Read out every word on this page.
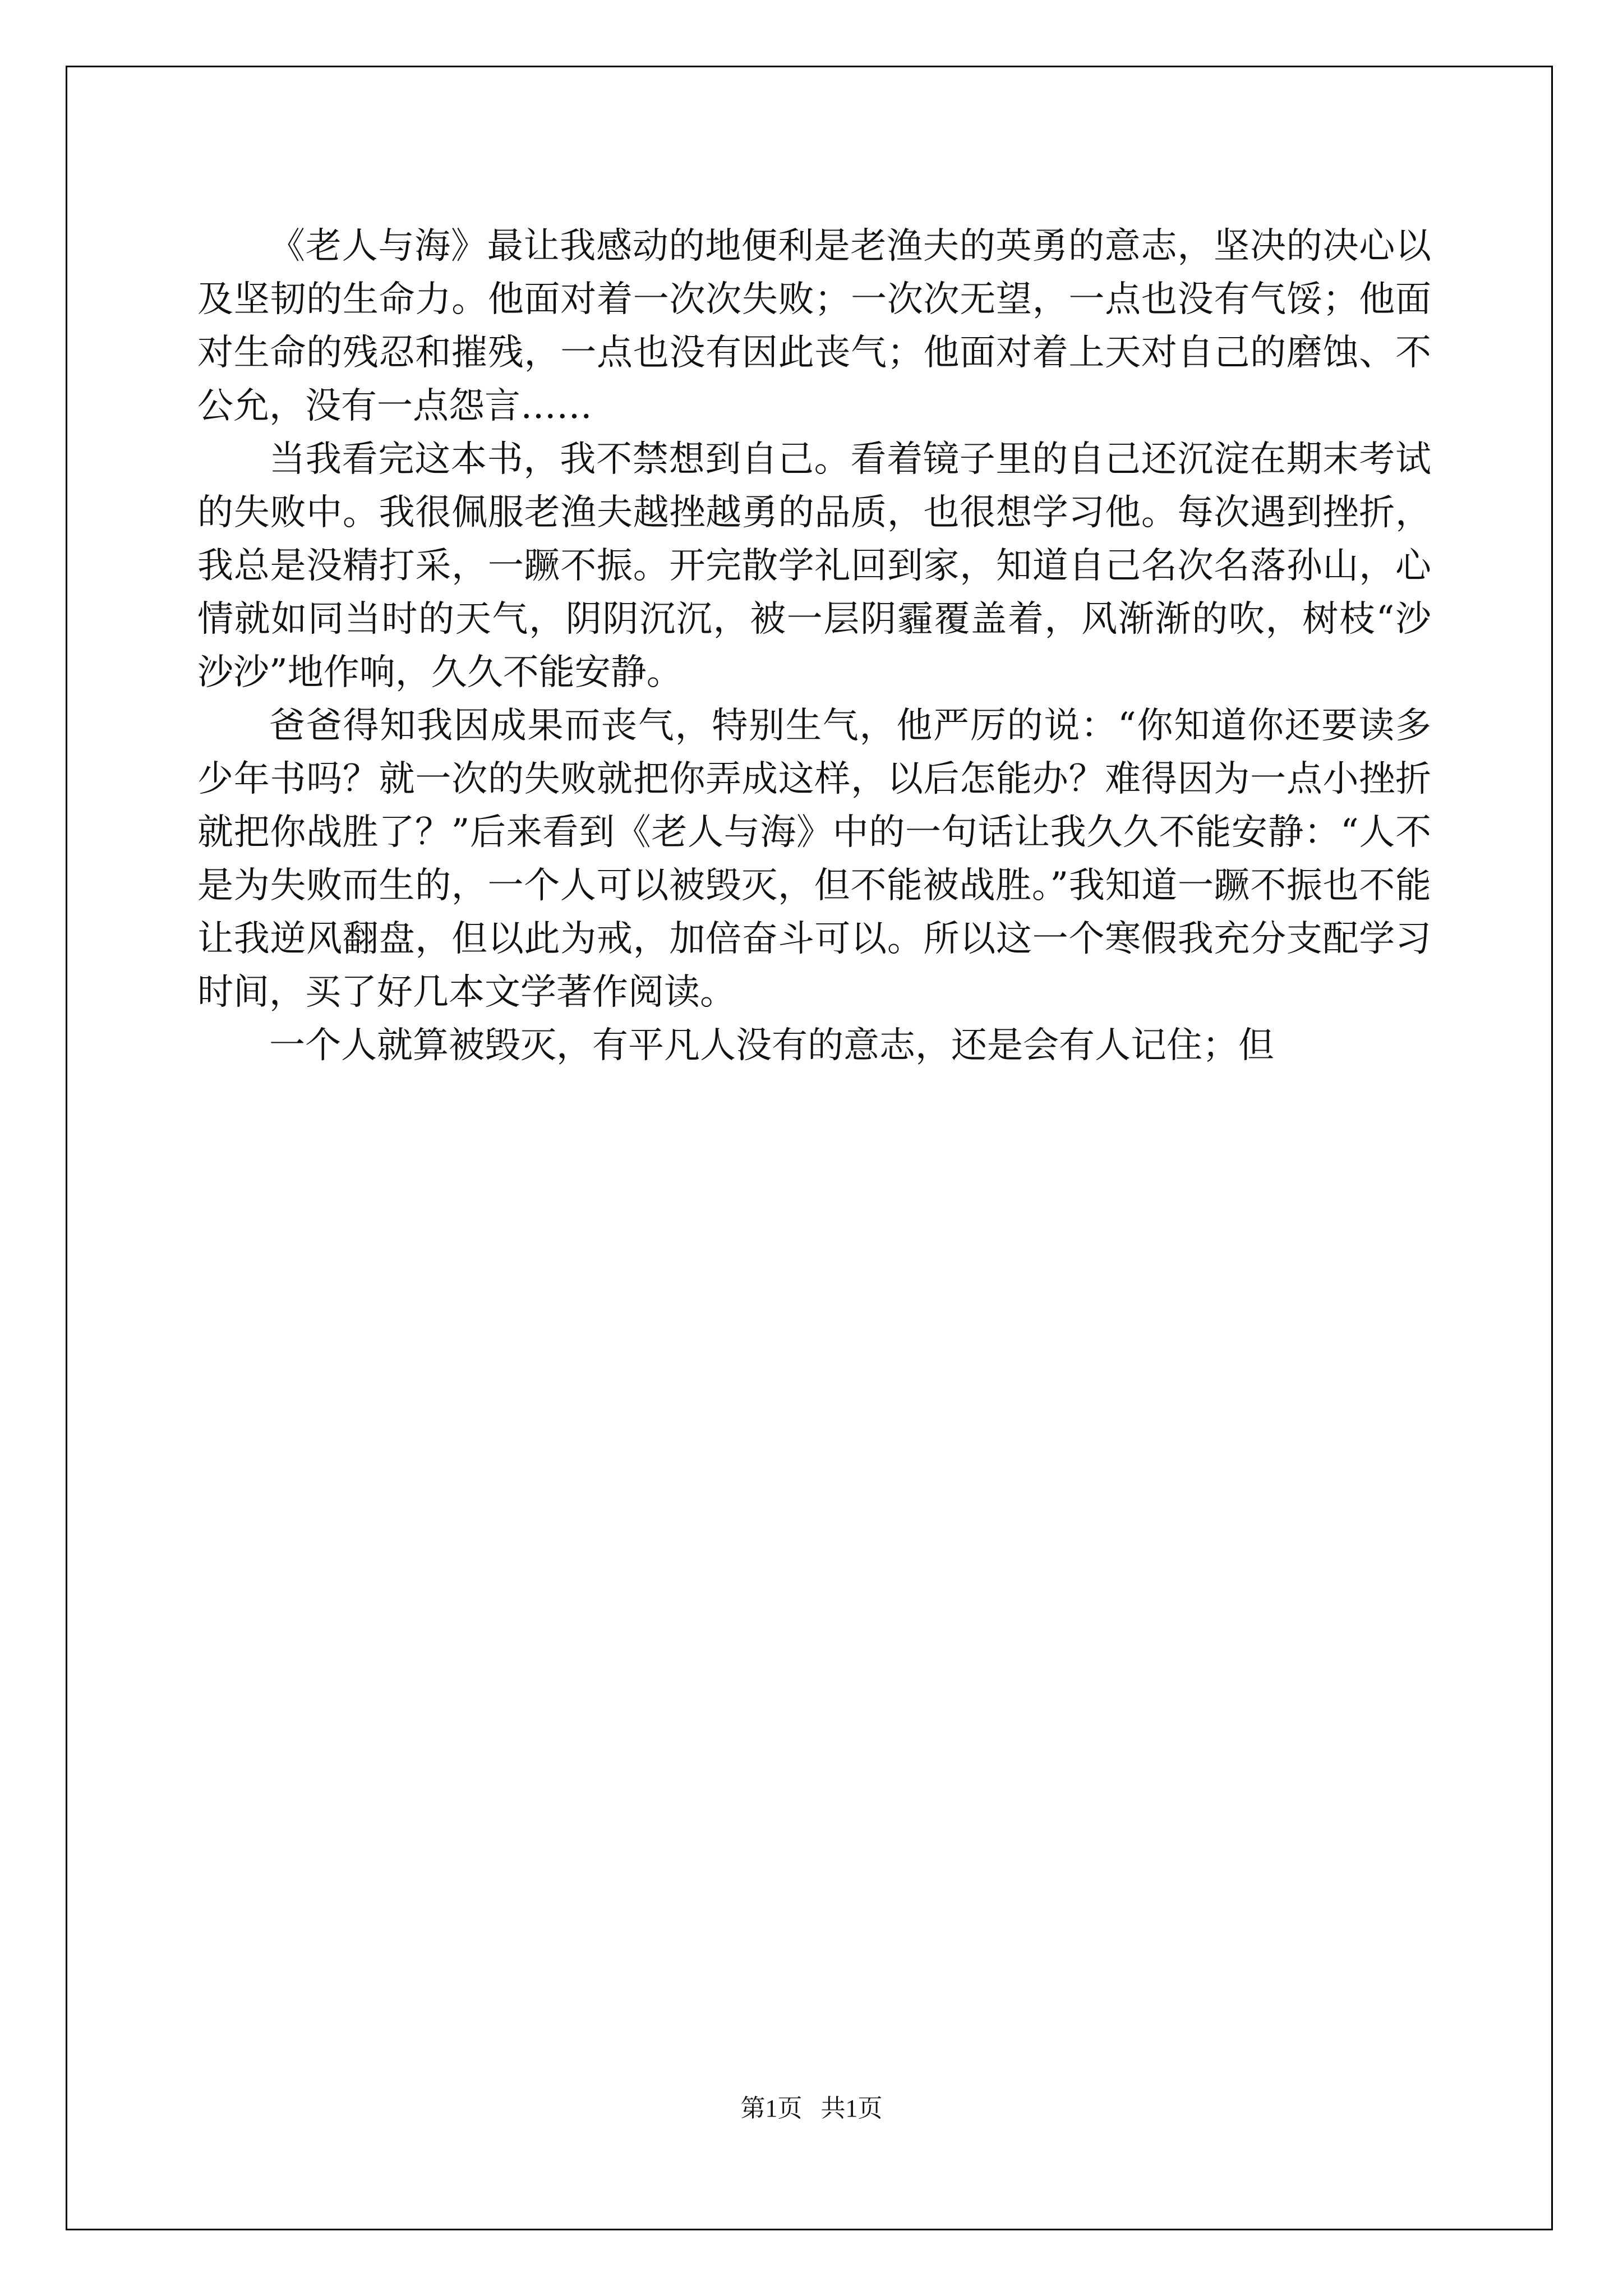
《老人与海》最让我感动的地便利是老渔夫的英勇的意志，坚决的决心以及坚韧的生命力。他面对着一次次失败；一次次无望，一点也没有气馁；他面对生命的残忍和摧残，一点也没有因此丧气；他面对着上天对自己的磨蚀、不公允，没有一点怨言……

当我看完这本书，我不禁想到自己。看着镜子里的自己还沉淀在期末考试的失败中。我很佩服老渔夫越挫越勇的品质，也很想学习他。每次遇到挫折，我总是没精打采，一蹶不振。开完散学礼回到家，知道自己名次名落孙山，心情就如同当时的天气，阴阴沉沉，被一层阴霾覆盖着，风渐渐的吹，树枝“沙沙沙”地作响，久久不能安静。

爸爸得知我因成果而丧气，特别生气，他严厉的说：“你知道你还要读多少年书吗？就一次的失败就把你弄成这样，以后怎能办？难得因为一点小挫折就把你战胜了？”后来看到《老人与海》中的一句话让我久久不能安静：“人不是为失败而生的，一个人可以被毁灭，但不能被战胜。”我知道一蹶不振也不能让我逆风翻盘，但以此为戒，加倍奋斗可以。所以这一个寒假我充分支配学习时间，买了好几本文学著作阅读。

一个人就算被毁灭，有平凡人没有的意志，还是会有人记住；但

第1页 共1页
